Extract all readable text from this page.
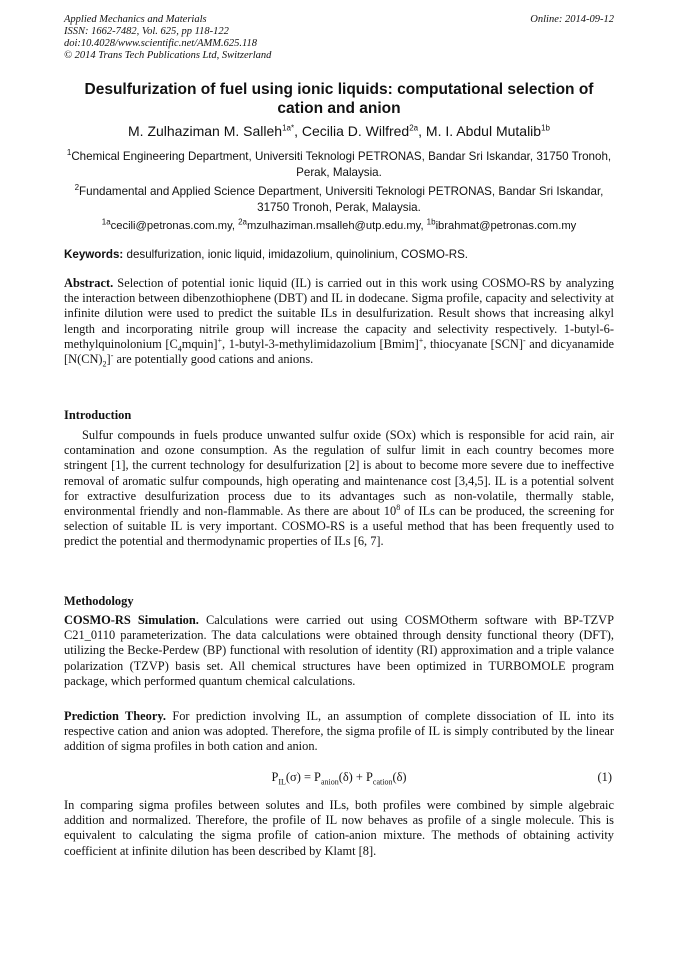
Applied Mechanics and Materials
ISSN: 1662-7482, Vol. 625, pp 118-122
doi:10.4028/www.scientific.net/AMM.625.118
© 2014 Trans Tech Publications Ltd, Switzerland
Online: 2014-09-12
Desulfurization of fuel using ionic liquids: computational selection of cation and anion
M. Zulhaziman M. Salleh$^{1a*}$, Cecilia D. Wilfred$^{2a}$, M. I. Abdul Mutalib$^{1b}$
$^1$Chemical Engineering Department, Universiti Teknologi PETRONAS, Bandar Sri Iskandar, 31750 Tronoh, Perak, Malaysia.
$^2$Fundamental and Applied Science Department, Universiti Teknologi PETRONAS, Bandar Sri Iskandar, 31750 Tronoh, Perak, Malaysia.
$^{1a}$cecili@petronas.com.my, $^{2a}$mzulhaziman.msalleh@utp.edu.my, $^{1b}$ibrahmat@petronas.com.my
Keywords: desulfurization, ionic liquid, imidazolium, quinolinium, COSMO-RS.

Abstract. Selection of potential ionic liquid (IL) is carried out in this work using COSMO-RS by analyzing the interaction between dibenzothiophene (DBT) and IL in dodecane. Sigma profile, capacity and selectivity at infinite dilution were used to predict the suitable ILs in desulfurization. Result shows that increasing alkyl length and incorporating nitrile group will increase the capacity and selectivity respectively. 1-butyl-6-methylquinolonium $[C_4mquin]^+$, 1-butyl-3-methylimidazolium [Bmim]+, thiocyanate [SCN]- and dicyanamide $[N(CN)_2]^-$ are potentially good cations and anions.

Introduction

Sulfur compounds in fuels produce unwanted sulfur oxide (SOx) which is responsible for acid rain, air contamination and ozone consumption. As the regulation of sulfur limit in each country becomes more stringent [1], the current technology for desulfurization [2] is about to become more severe due to ineffective removal of aromatic sulfur compounds, high operating and maintenance cost [3,4,5]. IL is a potential solvent for extractive desulfurization process due to its advantages such as non-volatile, thermally stable, environmental friendly and non-flammable. As there are about $10^8$ of ILs can be produced, the screening for selection of suitable IL is very important. COSMO-RS is a useful method that has been frequently used to predict the potential and thermodynamic properties of ILs [6, 7].

Methodology

COSMO-RS Simulation. Calculations were carried out using COSMOtherm software with BP-TZVP C21_0110 parameterization. The data calculations were obtained through density functional theory (DFT), utilizing the Becke-Perdew (BP) functional with resolution of identity (RI) approximation and a triple valance polarization (TZVP) basis set. All chemical structures have been optimized in TURBOMOLE program package, which performed quantum chemical calculations.

Prediction Theory. For prediction involving IL, an assumption of complete dissociation of IL into its respective cation and anion was adopted. Therefore, the sigma profile of IL is simply contributed by the linear addition of sigma profiles in both cation and anion.

$P_{IL}(\sigma) = P_{anion}(\delta) + P_{cation}(\delta)$	(1)

In comparing sigma profiles between solutes and ILs, both profiles were combined by simple algebraic addition and normalized. Therefore, the profile of IL now behaves as profile of a single molecule. This is equivalent to calculating the sigma profile of cation-anion mixture. The methods of obtaining activity coefficient at infinite dilution has been described by Klamt [8].
